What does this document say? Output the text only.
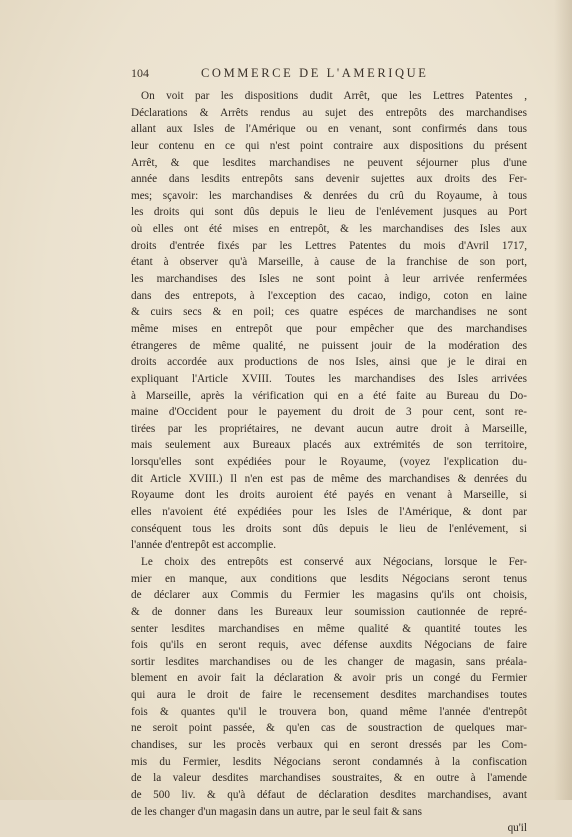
104	COMMERCE DE L'AMERIQUE
On voit par les dispositions dudit Arrêt, que les Lettres Patentes ,
Déclarations & Arrêts rendus au sujet des entrepôts des marchandises
allant aux Isles de l'Amérique ou en venant, sont confirmés dans tous
leur contenu en ce qui n'est point contraire aux dispositions du présent
Arrêt, & que lesdites marchandises ne peuvent séjourner plus d'une
année dans lesdits entrepôts sans devenir sujettes aux droits des Fer-
mes; sçavoir: les marchandises & denrées du crû du Royaume, à tous
les droits qui sont dûs depuis le lieu de l'enlévement jusques au Port
où elles ont été mises en entrepôt, & les marchandises des Isles aux
droits d'entrée fixés par les Lettres Patentes du mois d'Avril 1717,
étant à observer qu'à Marseille, à cause de la franchise de son port,
les marchandises des Isles ne sont point à leur arrivée renfermées
dans des entrepots, à l'exception des cacao, indigo, coton en laine
& cuirs secs & en poil; ces quatre espéces de marchandises ne sont
même mises en entrepôt que pour empêcher que des marchandises
étrangeres de même qualité, ne puissent jouir de la modération des
droits accordée aux productions de nos Isles, ainsi que je le dirai en
expliquant l'Article XVIII. Toutes les marchandises des Isles arrivées
à Marseille, après la vérification qui en a été faite au Bureau du Do-
maine d'Occident pour le payement du droit de 3 pour cent, sont re-
tirées par les propriétaires, ne devant aucun autre droit à Marseille,
mais seulement aux Bureaux placés aux extrémités de son territoire,
lorsqu'elles sont expédiées pour le Royaume, (voyez l'explication du-
dit Article XVIII.) Il n'en est pas de même des marchandises & denrées du
Royaume dont les droits auroient été payés en venant à Marseille, si
elles n'avoient été expédiées pour les Isles de l'Amérique, & dont par
conséquent tous les droits sont dûs depuis le lieu de l'enlévement, si
l'année d'entrepôt est accomplie.
Le choix des entrepôts est conservé aux Négocians, lorsque le Fer-
mier en manque, aux conditions que lesdits Négocians seront tenus
de déclarer aux Commis du Fermier les magasins qu'ils ont choisis,
& de donner dans les Bureaux leur soumission cautionnée de repré-
senter lesdites marchandises en même qualité & quantité toutes les
fois qu'ils en seront requis, avec défense auxdits Négocians de faire
sortir lesdites marchandises ou de les changer de magasin, sans préala-
blement en avoir fait la déclaration & avoir pris un congé du Fermier
qui aura le droit de faire le recensement desdites marchandises toutes
fois & quantes qu'il le trouvera bon, quand même l'année d'entrepôt
ne seroit point passée, & qu'en cas de soustraction de quelques mar-
chandises, sur les procès verbaux qui en seront dressés par les Com-
mis du Fermier, lesdits Négocians seront condamnés à la confiscation
de la valeur desdites marchandises soustraites, & en outre à l'amende
de 500 liv. & qu'à défaut de déclaration desdites marchandises, avant
de les changer d'un magasin dans un autre, par le seul fait & sans
qu'il
